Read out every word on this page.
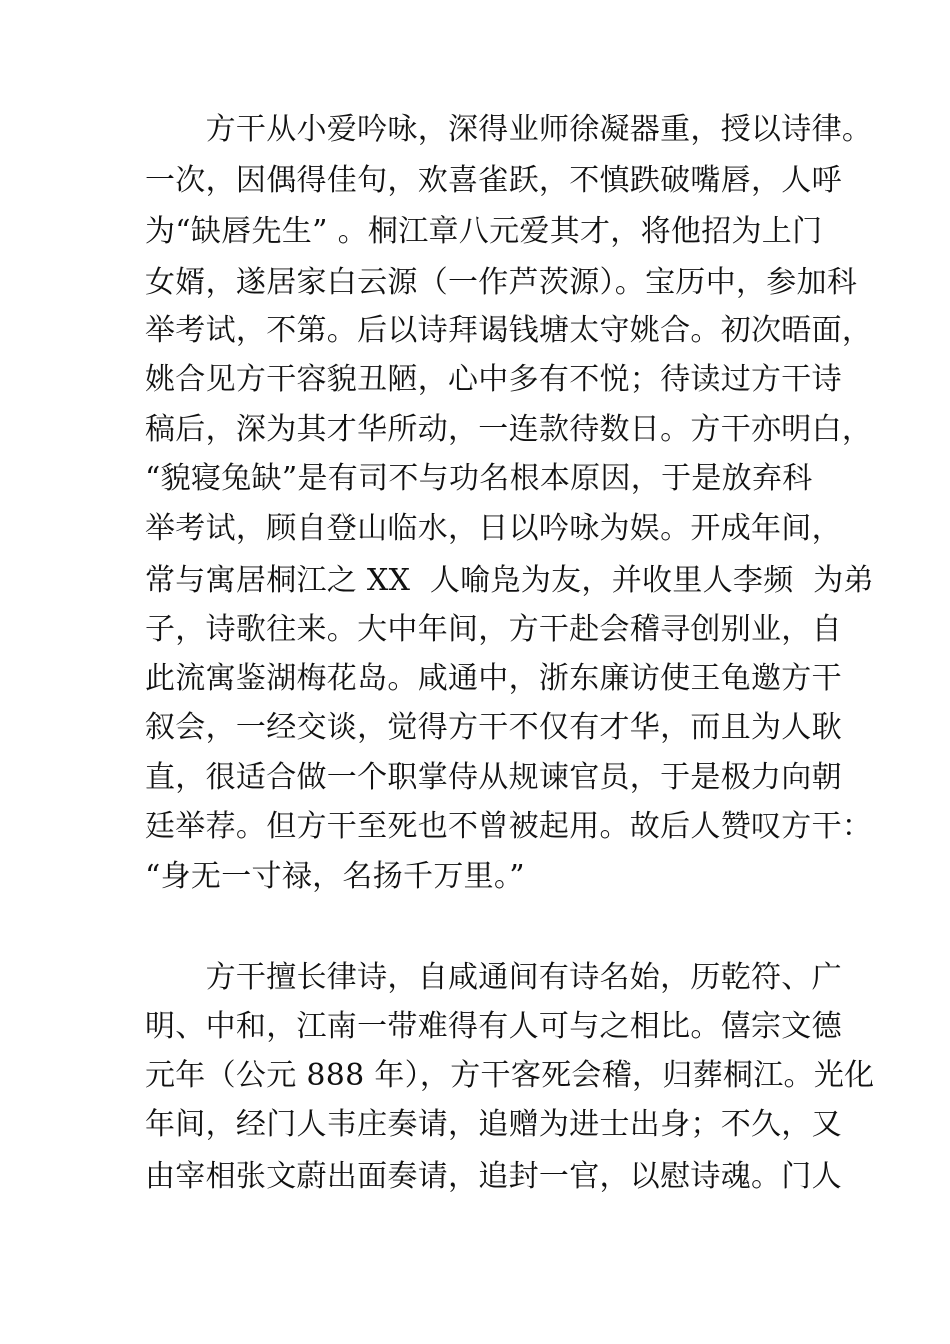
　　方干从小爱吟咏，深得业师徐凝器重，授以诗律。
一次，因偶得佳句，欢喜雀跃，不慎跌破嘴唇，人呼
为“缺唇先生” 。桐江章八元爱其才，将他招为上门
女婿，遂居家白云源（一作芦茨源）。宝历中，参加科
举考试，不第。后以诗拜谒钱塘太守姚合。初次晤面，
姚合见方干容貌丑陋，心中多有不悦；待读过方干诗
稿后，深为其才华所动，一连款待数日。方干亦明白，
“貌寝兔缺”是有司不与功名根本原因，于是放弃科
举考试，顾自登山临水，日以吟咏为娱。开成年间，
常与寓居桐江之 XX  人喻凫为友，并收里人李频  为弟
子，诗歌往来。大中年间，方干赴会稽寻创别业，自
此流寓鉴湖梅花岛。咸通中，浙东廉访使王龟邀方干
叙会，一经交谈，觉得方干不仅有才华，而且为人耿
直，很适合做一个职掌侍从规谏官员，于是极力向朝
廷举荐。但方干至死也不曾被起用。故后人赞叹方干：
“身无一寸禄，名扬千万里。”
　　方干擅长律诗，自咸通间有诗名始，历乾符、广
明、中和，江南一带难得有人可与之相比。僖宗文德
元年（公元 888 年），方干客死会稽，归葬桐江。光化
年间，经门人韦庄奏请，追赠为进士出身；不久，又
由宰相张文蔚出面奏请，追封一官，以慰诗魂。门人
